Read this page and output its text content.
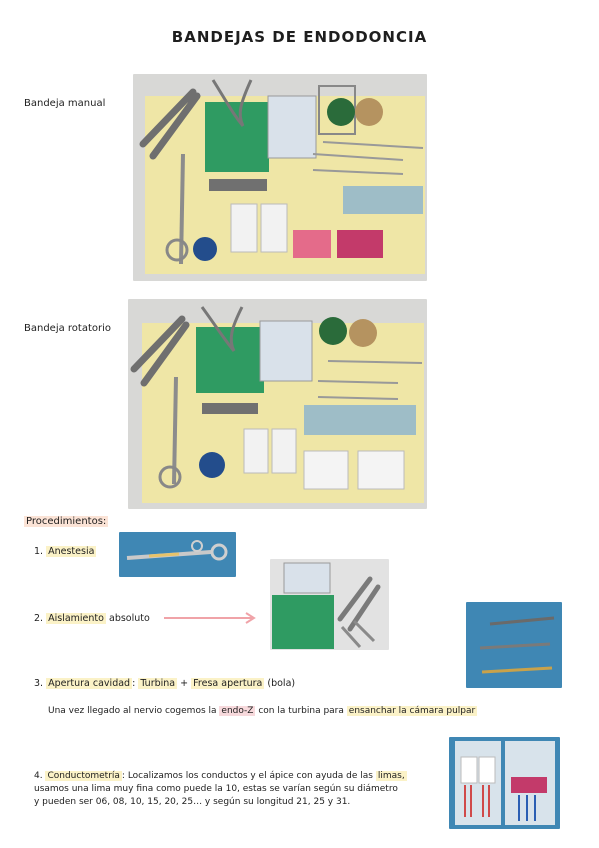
BANDEJAS DE ENDODONCIA
Bandeja manual
Bandeja rotatorio
Procedimientos:
1. Anestesia
2. Aislamiento absoluto
3. Apertura cavidad : Turbina + Fresa apertura (bola)
Una vez llegado al nervio cogemos la endo-Z con la turbina para ensanchar la cámara pulpar
4. Conductometría : Localizamos los conductos y el ápice con ayuda de las limas,
usamos una lima muy fina como puede la 10, estas se varían según su diámetro
y pueden ser 06, 08, 10, 15, 20, 25… y según su longitud 21, 25 y 31.
